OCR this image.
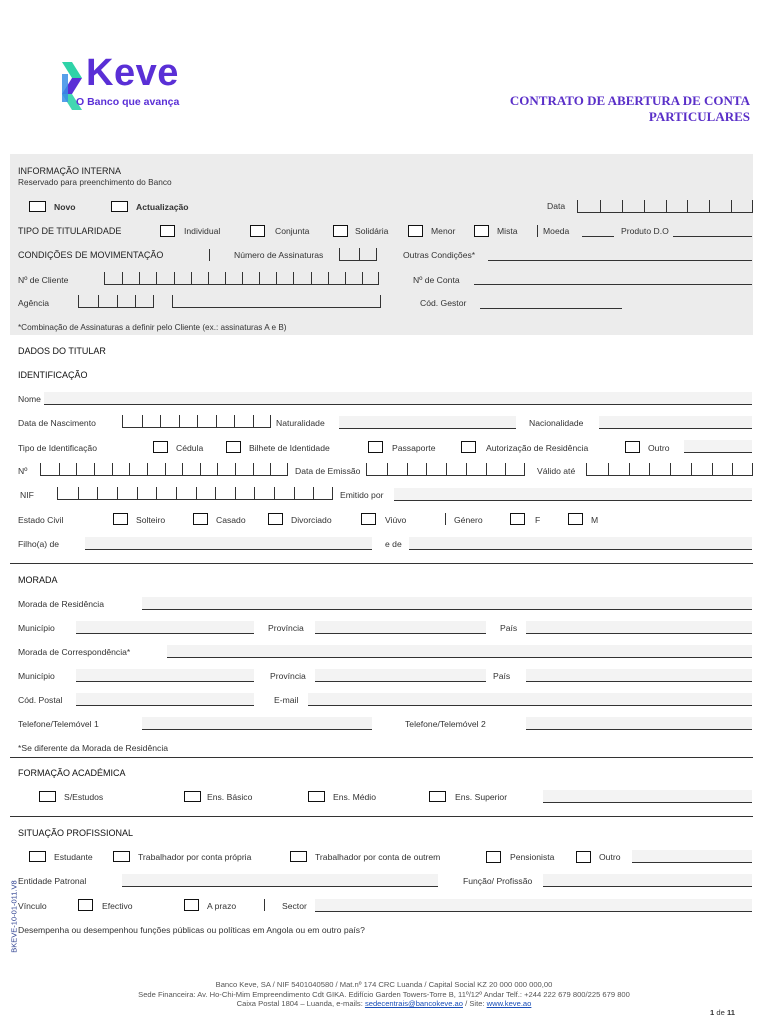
Keve
O Banco que avança	CONTRATO DE ABERTURA DE CONTA
PARTICULARES
INFORMAÇÃO INTERNA
Reservado para preenchimento do Banco
Novo	Actualização	Data
TIPO DE TITULARIDADE	Individual	Conjunta	Solidária	Menor	Mista	Moeda	Produto D.O
CONDIÇÕES DE MOVIMENTAÇÃO	Número de Assinaturas	Outras Condições*
Nº de Cliente	Nº de Conta
Agência	Cód. Gestor
*Combinação de Assinaturas a definir pelo Cliente (ex.: assinaturas A e B)
DADOS DO TITULAR
IDENTIFICAÇÃO
Nome
Data de Nascimento	Naturalidade	Nacionalidade
Tipo de Identificação	Cédula	Bilhete de Identidade	Passaporte	Autorização de Residência	Outro
Nº	Data de Emissão	Válido até
NIF	Emitido por
Estado Civil	Solteiro	Casado	Divorciado	Viúvo	Género	F	M
Filho(a) de	e de
MORADA
Morada de Residência
Município	Província	País
Morada de Correspondência*
Município	Província	País
Cód. Postal	E-mail
Telefone/Telemóvel 1	Telefone/Telemóvel 2
*Se diferente da Morada de Residência
FORMAÇÃO ACADÉMICA
S/Estudos	Ens. Básico	Ens. Médio	Ens. Superior
SITUAÇÃO PROFISSIONAL
Estudante	Trabalhador por conta própria	Trabalhador por conta de outrem	Pensionista	Outro
Entidade Patronal	Função/ Profissão
Vínculo	Efectivo	A prazo	Sector
Desempenha ou desempenhou funções públicas ou políticas em Angola ou em outro país?
BKEVE-10-01-011.V8
Banco Keve, SA / NIF 5401040580 / Mat.nº 174 CRC Luanda / Capital Social KZ 20 000 000 000,00
Sede Financeira: Av. Ho-Chi-Mim Empreendimento Cdt GIKA. Edifício Garden Towers-Torre B, 11º/12º Andar Telf.: +244 222 679 800/225 679 800
Caixa Postal 1804 – Luanda, e-mails: sedecentrais@bancokeve.ao / Site: www.keve.ao
1 de 11
